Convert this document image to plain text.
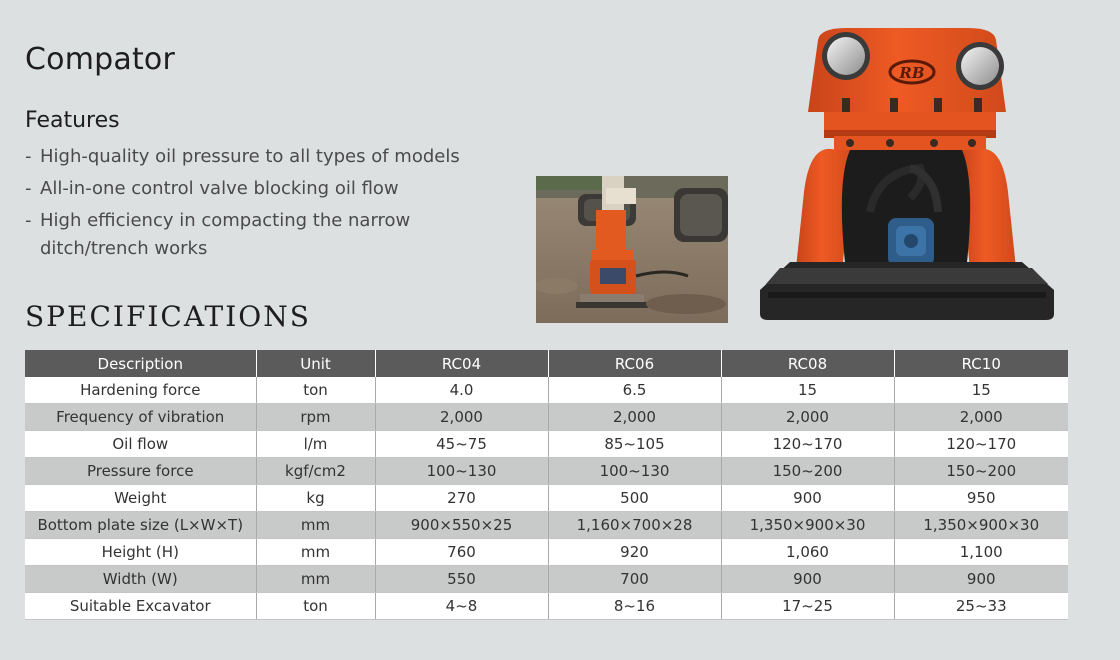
Compator
Features
- High-quality oil pressure to all types of models
- All-in-one control valve blocking oil flow
- High efficiency in compacting the narrow ditch/trench works
SPECIFICATIONS
RB
Description	Unit	RC04	RC06	RC08	RC10
Hardening force	ton	4.0	6.5	15	15
Frequency of vibration	rpm	2,000	2,000	2,000	2,000
Oil flow	l/m	45~75	85~105	120~170	120~170
Pressure force	kgf/cm2	100~130	100~130	150~200	150~200
Weight	kg	270	500	900	950
Bottom plate size (L×W×T)	mm	900×550×25	1,160×700×28	1,350×900×30	1,350×900×30
Height (H)	mm	760	920	1,060	1,100
Width (W)	mm	550	700	900	900
Suitable Excavator	ton	4~8	8~16	17~25	25~33
